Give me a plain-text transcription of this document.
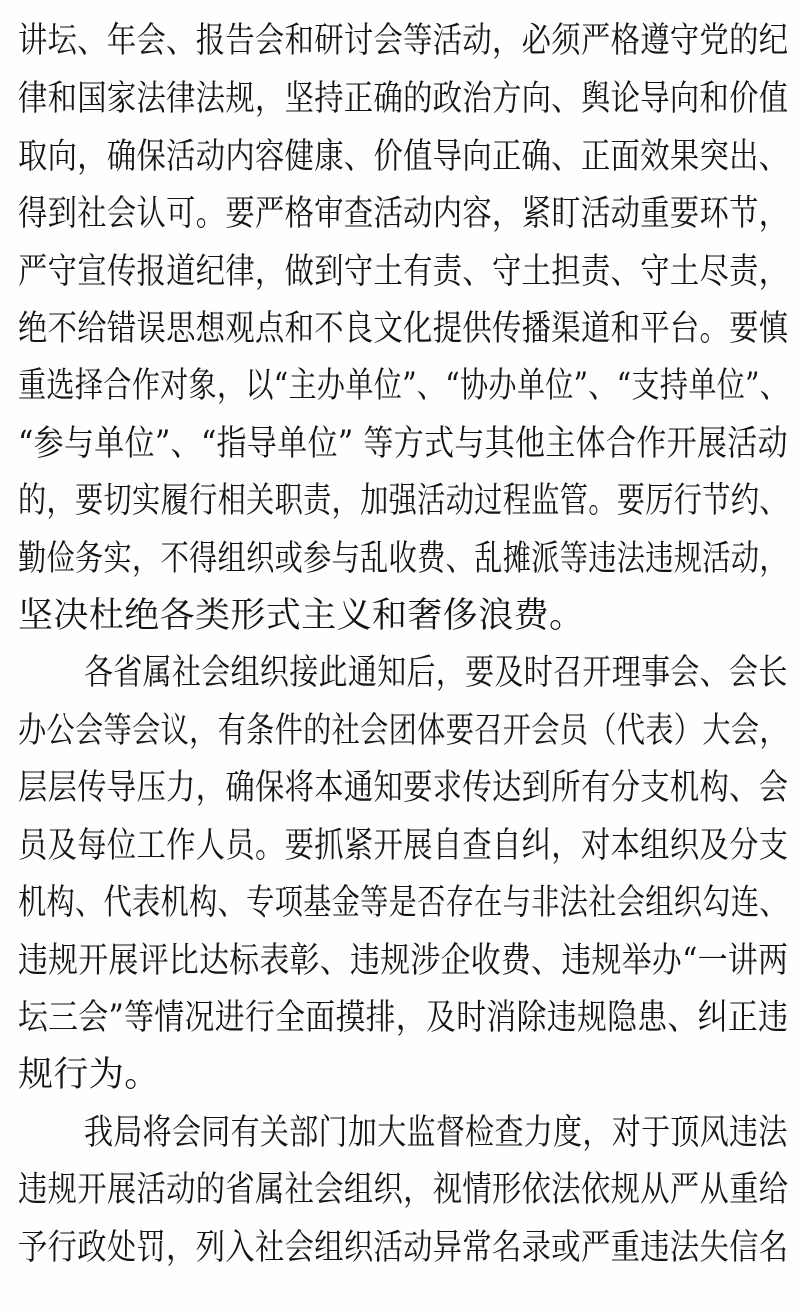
讲坛、年会、报告会和研讨会等活动，必须严格遵守党的纪
律和国家法律法规，坚持正确的政治方向、舆论导向和价值
取向，确保活动内容健康、价值导向正确、正面效果突出、
得到社会认可。要严格审查活动内容，紧盯活动重要环节，
严守宣传报道纪律，做到守土有责、守土担责、守土尽责，
绝不给错误思想观点和不良文化提供传播渠道和平台。要慎
重选择合作对象，以“主办单位”、“协办单位”、“支持单位”、
“参与单位”、“指导单位” 等方式与其他主体合作开展活动
的，要切实履行相关职责，加强活动过程监管。要厉行节约、
勤俭务实，不得组织或参与乱收费、乱摊派等违法违规活动，
坚决杜绝各类形式主义和奢侈浪费。
各省属社会组织接此通知后，要及时召开理事会、会长
办公会等会议，有条件的社会团体要召开会员（代表）大会，
层层传导压力，确保将本通知要求传达到所有分支机构、会
员及每位工作人员。要抓紧开展自查自纠，对本组织及分支
机构、代表机构、专项基金等是否存在与非法社会组织勾连、
违规开展评比达标表彰、违规涉企收费、违规举办“一讲两
坛三会”等情况进行全面摸排，及时消除违规隐患、纠正违
规行为。
我局将会同有关部门加大监督检查力度，对于顶风违法
违规开展活动的省属社会组织，视情形依法依规从严从重给
予行政处罚，列入社会组织活动异常名录或严重违法失信名
